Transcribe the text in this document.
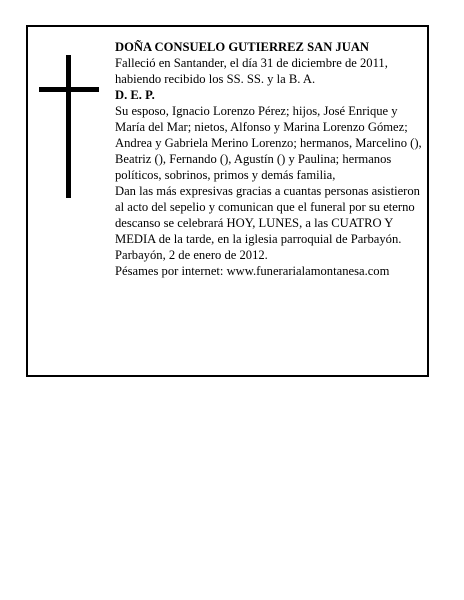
DOÑA CONSUELO GUTIERREZ SAN JUAN

Falleció en Santander, el día 31 de diciembre de 2011, habiendo recibido los SS. SS. y la B. A.

D. E. P.

Su esposo, Ignacio Lorenzo Pérez; hijos, José Enrique y María del Mar; nietos, Alfonso y Marina Lorenzo Gómez; Andrea y Gabriela Merino Lorenzo; hermanos, Marcelino (), Beatriz (), Fernando (), Agustín () y Paulina; hermanos políticos, sobrinos, primos y demás familia,

Dan las más expresivas gracias a cuantas personas asistieron al acto del sepelio y comunican que el funeral por su eterno descanso se celebrará HOY, LUNES, a las CUATRO Y MEDIA de la tarde, en la iglesia parroquial de Parbayón.

Parbayón, 2 de enero de 2012.

Pésames por internet: www.funerarialamontanesa.com
